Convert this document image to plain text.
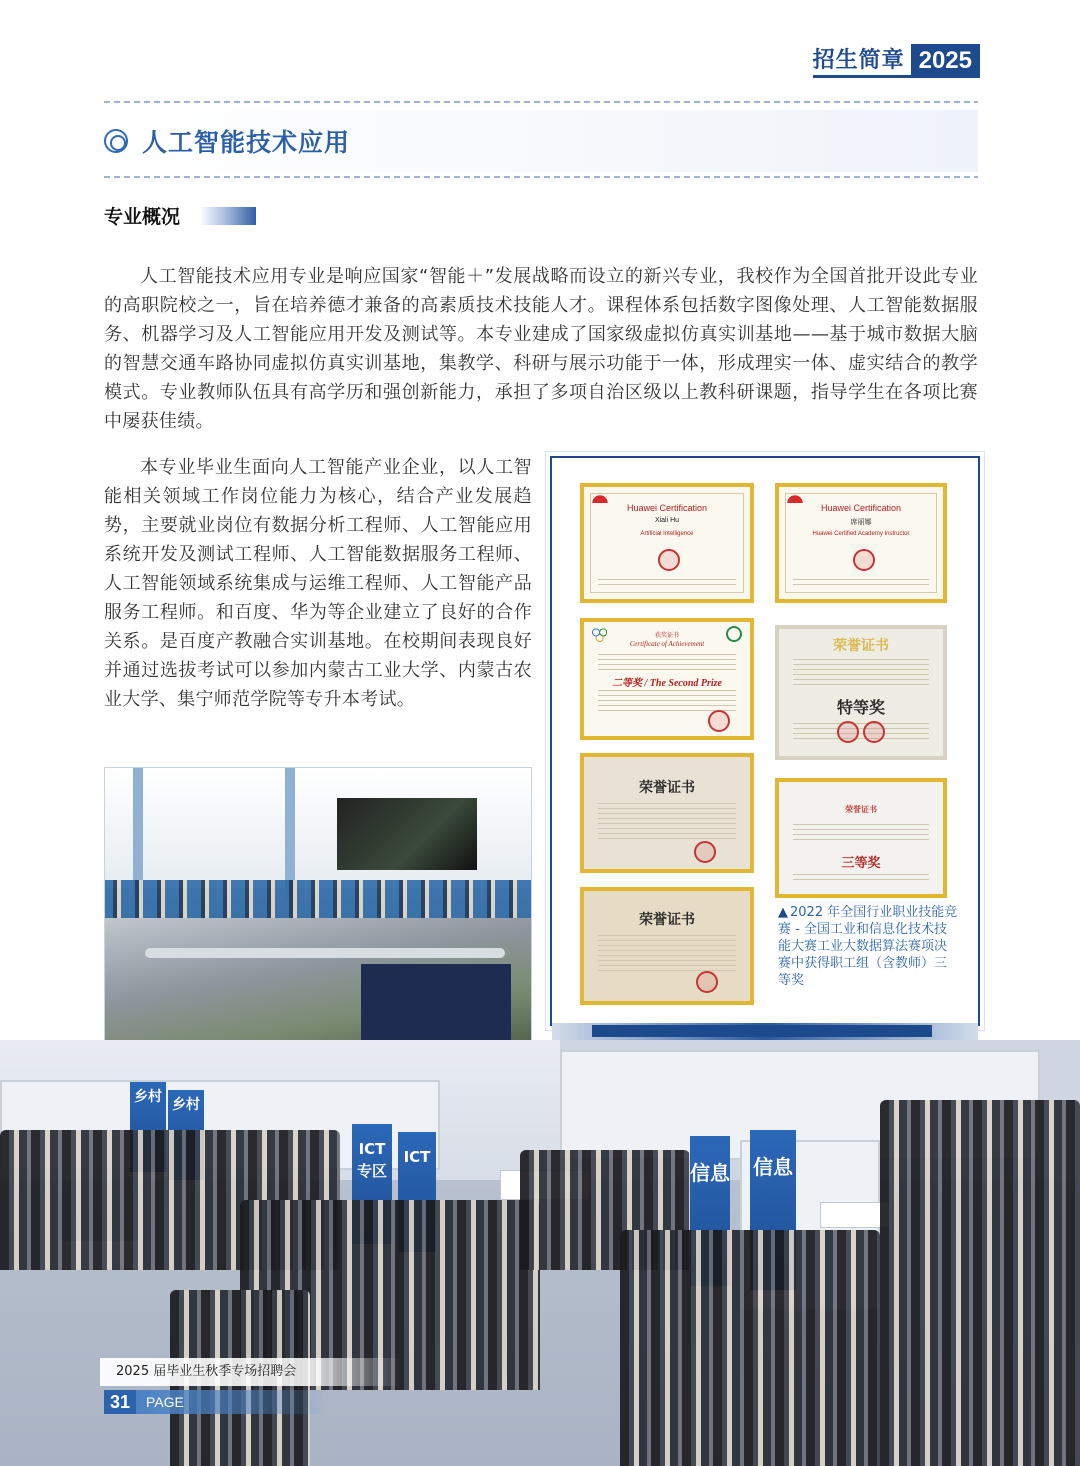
招生简章 2025
人工智能技术应用
专业概况

人工智能技术应用专业是响应国家“智能＋”发展战略而设立的新兴专业，我校作为全国首批开设此专业的高职院校之一，旨在培养德才兼备的高素质技术技能人才。课程体系包括数字图像处理、人工智能数据服务、机器学习及人工智能应用开发及测试等。本专业建成了国家级虚拟仿真实训基地——基于城市数据大脑的智慧交通车路协同虚拟仿真实训基地，集教学、科研与展示功能于一体，形成理实一体、虚实结合的教学模式。专业教师队伍具有高学历和强创新能力，承担了多项自治区级以上教科研课题，指导学生在各项比赛中屡获佳绩。

本专业毕业生面向人工智能产业企业，以人工智能相关领域工作岗位能力为核心，结合产业发展趋势，主要就业岗位有数据分析工程师、人工智能应用系统开发及测试工程师、人工智能数据服务工程师、人工智能领域系统集成与运维工程师、人工智能产品服务工程师。和百度、华为等企业建立了良好的合作关系。是百度产教融合实训基地。在校期间表现良好并通过选拔考试可以参加内蒙古工业大学、内蒙古农业大学、集宁师范学院等专升本考试。

Huawei Certification
Xiali Hu
Artificial Intelligence
Huawei Certification
席丽娜
Huawei Certified Academy Instructor
获奖证书
Certificate of Achievement
二等奖 / The Second Prize
荣誉证书
特等奖
荣誉证书
荣誉证书
三等奖
荣誉证书	▲ 2022 年全国行业职业技能竞赛 - 全国工业和信息化技术技能大赛工业大数据算法赛项决赛中获得职工组（含教师）三等奖
乡村 乡村
ICT
专区
ICT
信息 信息
2025 届毕业生秋季专场招聘会
31	PAGE
